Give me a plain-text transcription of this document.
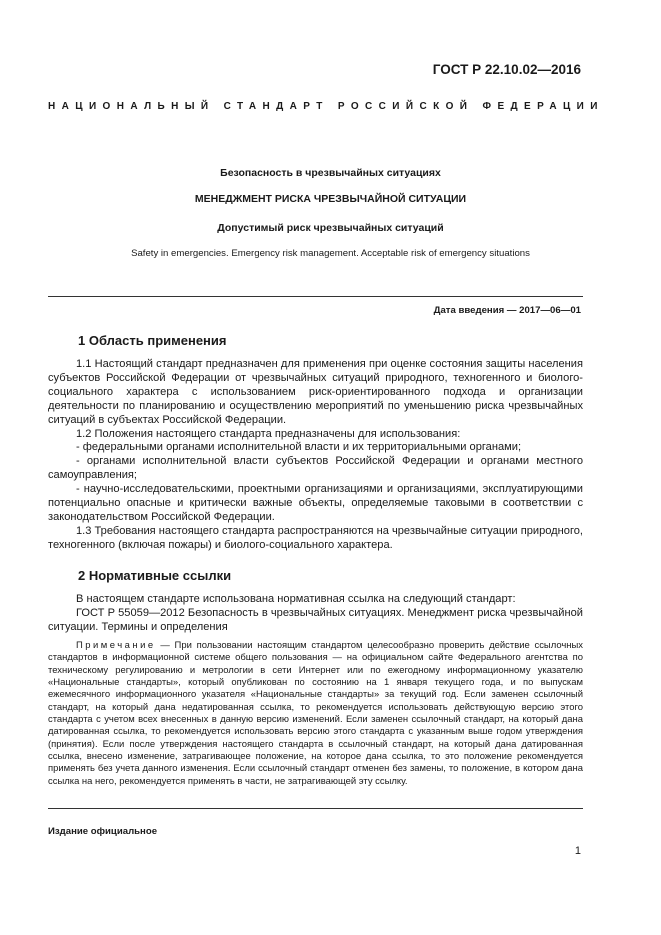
ГОСТ Р 22.10.02—2016
НАЦИОНАЛЬНЫЙ СТАНДАРТ РОССИЙСКОЙ ФЕДЕРАЦИИ
Безопасность в чрезвычайных ситуациях
МЕНЕДЖМЕНТ РИСКА ЧРЕЗВЫЧАЙНОЙ СИТУАЦИИ
Допустимый риск чрезвычайных ситуаций
Safety in emergencies. Emergency risk management. Acceptable risk of emergency situations
Дата введения — 2017—06—01
1 Область применения

1.1 Настоящий стандарт предназначен для применения при оценке состояния защиты населения субъектов Российской Федерации от чрезвычайных ситуаций природного, техногенного и биолого-социального характера с использованием риск-ориентированного подхода и организации деятельности по планированию и осуществлению мероприятий по уменьшению риска чрезвычайных ситуаций в субъектах Российской Федерации.

1.2 Положения настоящего стандарта предназначены для использования:

- федеральными органами исполнительной власти и их территориальными органами;

- органами исполнительной власти субъектов Российской Федерации и органами местного самоуправления;

- научно-исследовательскими, проектными организациями и организациями, эксплуатирующими потенциально опасные и критически важные объекты, определяемые таковыми в соответствии с законодательством Российской Федерации.

1.3 Требования настоящего стандарта распространяются на чрезвычайные ситуации природного, техногенного (включая пожары) и биолого-социального характера.

2 Нормативные ссылки

В настоящем стандарте использована нормативная ссылка на следующий стандарт:

ГОСТ Р 55059—2012 Безопасность в чрезвычайных ситуациях. Менеджмент риска чрезвычайной ситуации. Термины и определения

Примечание — При пользовании настоящим стандартом целесообразно проверить действие ссылочных стандартов в информационной системе общего пользования — на официальном сайте Федерального агентства по техническому регулированию и метрологии в сети Интернет или по ежегодному информационному указателю «Национальные стандарты», который опубликован по состоянию на 1 января текущего года, и по выпускам ежемесячного информационного указателя «Национальные стандарты» за текущий год. Если заменен ссылочный стандарт, на который дана недатированная ссылка, то рекомендуется использовать действующую версию этого стандарта с учетом всех внесенных в данную версию изменений. Если заменен ссылочный стандарт, на который дана датированная ссылка, то рекомендуется использовать версию этого стандарта с указанным выше годом утверждения (принятия). Если после утверждения настоящего стандарта в ссылочный стандарт, на который дана датированная ссылка, внесено изменение, затрагивающее положение, на которое дана ссылка, то это положение рекомендуется применять без учета данного изменения. Если ссылочный стандарт отменен без замены, то положение, в котором дана ссылка на него, рекомендуется применять в части, не затрагивающей эту ссылку.

Издание официальное
1
